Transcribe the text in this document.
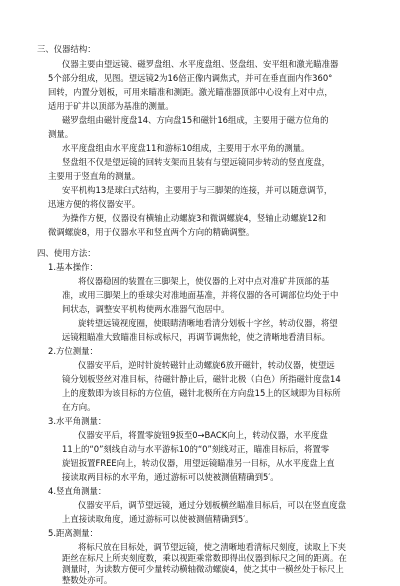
三、仪器结构：
仪器主要由望远镜、磁罗盘组、水平度盘组、竖盘组、安平组和激光瞄准器
5个部分组成，见图。望远镜2为16倍正像内调焦式，并可在垂直面内作360°
回转，内置分划板，可用来瞄准和测距。激光瞄准器顶部中心设有上对中点，
适用于矿井以顶部为基准的测量。
磁罗盘组由磁针度盘14、方向盘15和磁针16组成，主要用于磁方位角的
测量。
水平度盘组由水平度盘11和游标10组成，主要用于水平角的测量。
竖盘组不仅是望远镜的回转支架而且装有与望远镜同步转动的竖直度盘，
主要用于竖直角的测量。
安平机构13是球臼式结构，主要用于与三脚架的连接，并可以随意调节，
迅速方便的将仪器安平。
为操作方便，仪器设有横轴止动螺旋3和微调螺旋4，竖轴止动螺旋12和
微调螺旋8，用于仪器水平和竖直两个方向的精确调整。
四、使用方法：
1.基本操作：
将仪器稳固的装置在三脚架上，使仪器的上对中点对准矿井顶部的基
准，或用三脚架上的垂球尖对准地面基准，并将仪器的各可调部位均处于中
间状态，调整安平机构使两水准器气泡居中。
旋转望远镜视度圈，使眼睛清晰地看清分划板十字丝，转动仪器，将望
远镜粗瞄准大致瞄准目标或标尺，再调节调焦轮，使之清晰地看清目标。
2.方位测量：
仪器安平后，逆时针旋转磁针止动螺旋6放开磁针，转动仪器，使望远
镜分划板竖丝对准目标，待磁针静止后，磁针北极（白色）所指磁针度盘14
上的度数即为该目标的方位值，磁针北极所在方向盘15上的区域即为目标所
在方向。
3.水平角测量：
仪器安平后，将置零旋钮9扳至0→BACK向上，转动仪器，水平度盘
11上的“0”刻线自动与水平游标10的“0”刻线对正，瞄准目标后，将置零
旋钮扳置FREE向上，转动仪器，用望远镜瞄准另一目标，从水平度盘上直
接读取两目标的水平角，通过游标可以使被测值精确到5′。
4.竖直角测量：
仪器安平后，调节望远镜，通过分划板横丝瞄准目标后，可以在竖直度盘
上直接读取角度，通过游标可以使被测值精确到5′。
5.距离测量：
将标尺放在目标处，调节望远镜，使之清晰地看清标尺刻度，读取上下夹
距丝在标尺上所夹刻度数，乘以视距乘常数即得出仪器到标尺之间的距离。在
测量时，为读数方便可少量转动横轴微动螺旋4，使之其中一横丝处于标尺上
整数处亦可。
